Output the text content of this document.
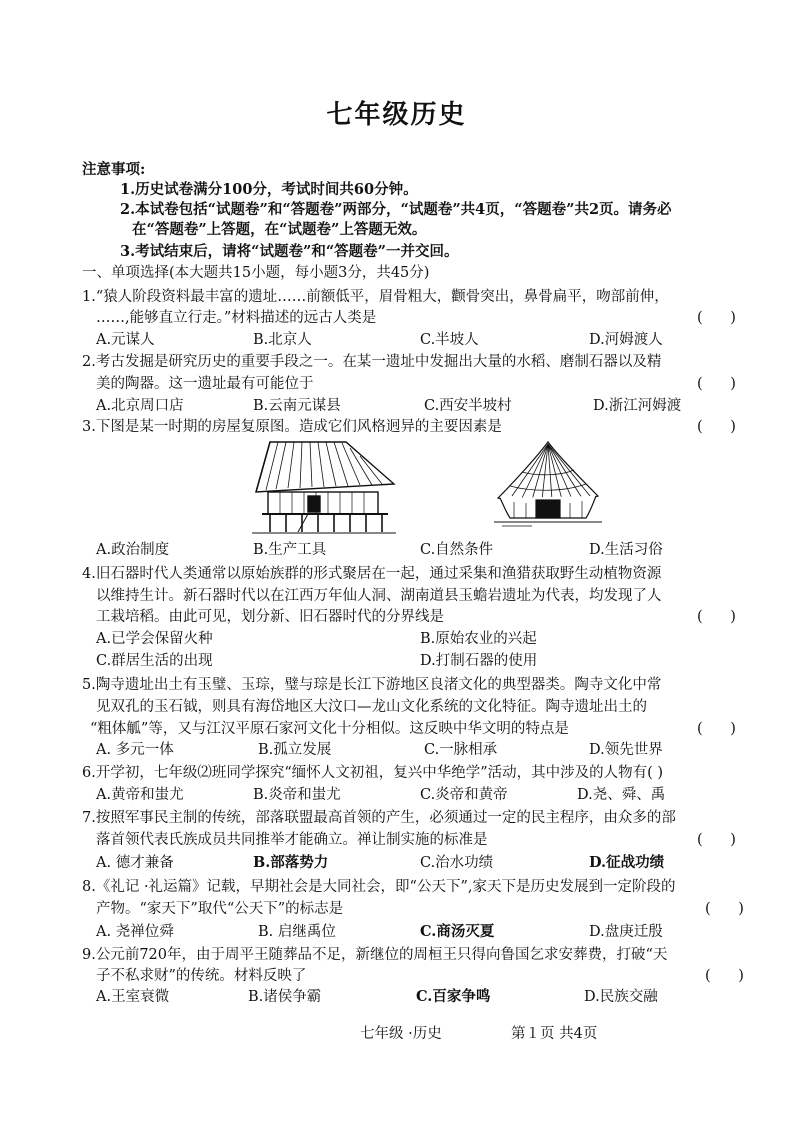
七年级历史
注意事项:
1.历史试卷满分100分，考试时间共60分钟。
2.本试卷包括“试题卷”和“答题卷”两部分，“试题卷”共4页，“答题卷”共2页。请务必
在“答题卷”上答题，在“试题卷”上答题无效。
3.考试结束后，请将“试题卷”和“答题卷”一并交回。
一、单项选择(本大题共15小题，每小题3分，共45分)
1.“猿人阶段资料最丰富的遗址……前额低平，眉骨粗大，颧骨突出，鼻骨扁平，吻部前伸，
……,能够直立行走。”材料描述的远古人类是	(      )
A.元谋人	B.北京人	C.半坡人	D.河姆渡人
2.考古发掘是研究历史的重要手段之一。在某一遗址中发掘出大量的水稻、磨制石器以及精
美的陶器。这一遗址最有可能位于	(      )
A.北京周口店	B.云南元谋县	C.西安半坡村	D.浙江河姆渡
3.下图是某一时期的房屋复原图。造成它们风格迥异的主要因素是	(      )
A.政治制度	B.生产工具	C.自然条件	D.生活习俗
4.旧石器时代人类通常以原始族群的形式聚居在一起，通过采集和渔猎获取野生动植物资源
以维持生计。新石器时代以在江西万年仙人洞、湖南道县玉蟾岩遗址为代表，均发现了人
工栽培稻。由此可见，划分新、旧石器时代的分界线是	(      )
A.已学会保留火种	B.原始农业的兴起
C.群居生活的出现	D.打制石器的使用
5.陶寺遗址出土有玉璧、玉琮，璧与琮是长江下游地区良渚文化的典型器类。陶寺文化中常
见双孔的玉石钺，则具有海岱地区大汶口—龙山文化系统的文化特征。陶寺遗址出土的
“粗体觚”等，又与江汉平原石家河文化十分相似。这反映中华文明的特点是	(      )
A. 多元一体	B.孤立发展	C.一脉相承	D.领先世界
6.开学初，七年级⑵班同学探究“缅怀人文初祖，复兴中华绝学”活动，其中涉及的人物有( )
A.黄帝和蚩尤	B.炎帝和蚩尤	C.炎帝和黄帝	D.尧、舜、禹
7.按照军事民主制的传统，部落联盟最高首领的产生，必须通过一定的民主程序，由众多的部
落首领代表氏族成员共同推举才能确立。禅让制实施的标准是	(      )
A. 德才兼备	B.部落势力	C.治水功绩	D.征战功绩
8.《礼记 ·礼运篇》记载，早期社会是大同社会，即“公天下”,家天下是历史发展到一定阶段的
产物。“家天下”取代“公天下”的标志是	(      )
A. 尧禅位舜	B. 启继禹位	C.商汤灭夏	D.盘庚迁殷
9.公元前720年，由于周平王随葬品不足，新继位的周桓王只得向鲁国乞求安葬费，打破“天
子不私求财”的传统。材料反映了	(      )
A.王室衰微	B.诸侯争霸	C.百家争鸣	D.民族交融
七年级 ·历史	第１页 共4页
